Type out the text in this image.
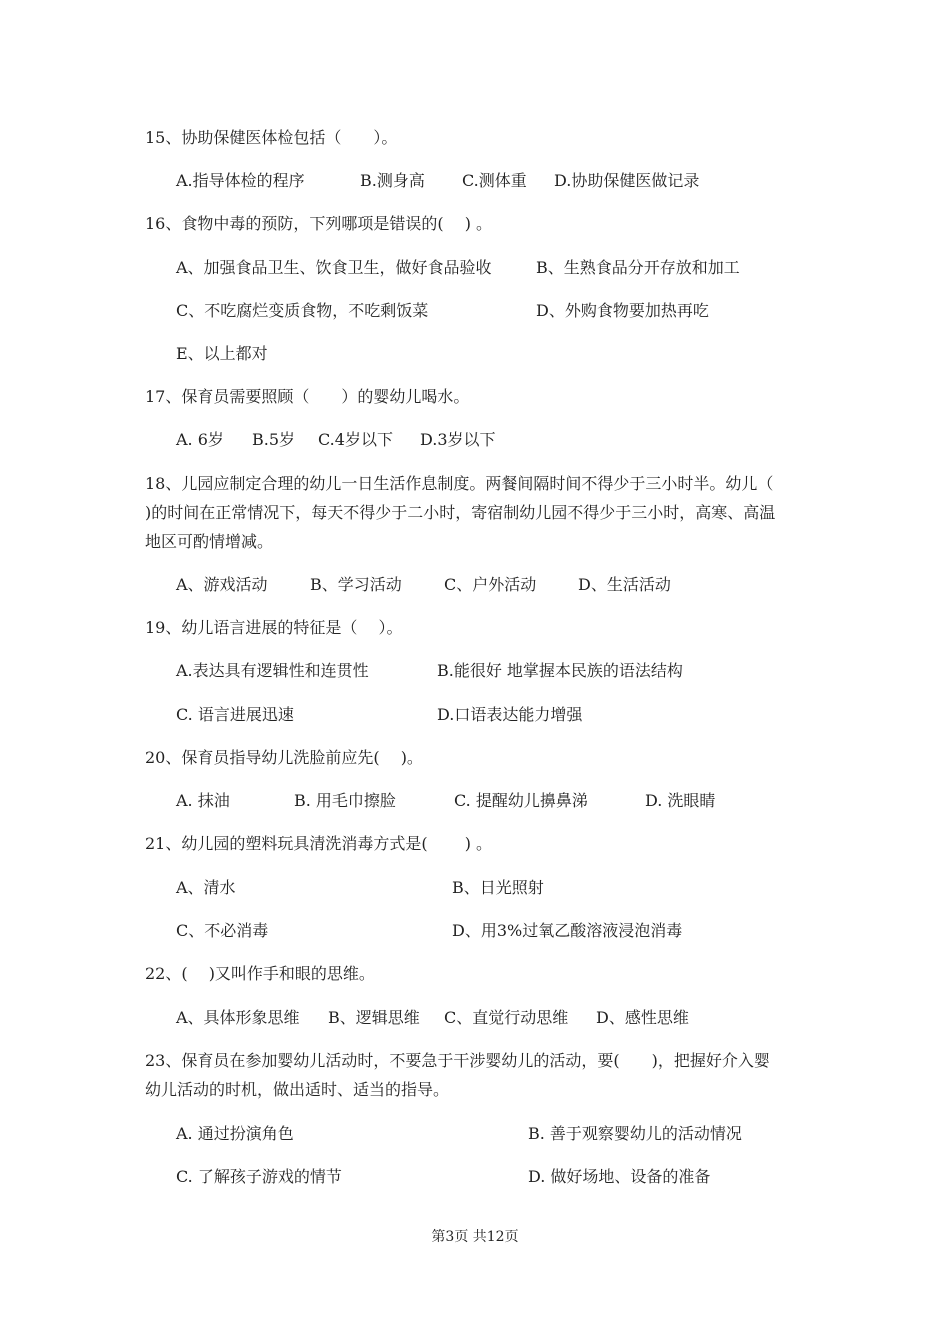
15、协助保健医体检包括（　　）。
A.指导体检的程序	B.测身高 C.测体重 D.协助保健医做记录
16、食物中毒的预防，下列哪项是错误的(　 ) 。
A、加强食品卫生、饮食卫生，做好食品验收	B、生熟食品分开存放和加工
C、不吃腐烂变质食物，不吃剩饭菜	D、外购食物要加热再吃
E、以上都对
17、保育员需要照顾（　　）的婴幼儿喝水。
A. 6岁 B.5岁 C.4岁以下 D.3岁以下
18、儿园应制定合理的幼儿一日生活作息制度。两餐间隔时间不得少于三小时半。幼儿（
)的时间在正常情况下，每天不得少于二小时，寄宿制幼儿园不得少于三小时，高寒、高温
地区可酌情增减。
A、游戏活动	B、学习活动	C、户外活动	D、生活活动
19、幼儿语言进展的特征是（　 ）。
A.表达具有逻辑性和连贯性	B.能很好 地掌握本民族的语法结构
C. 语言进展迅速	D.口语表达能力增强
20、保育员指导幼儿洗脸前应先(　 )。
A. 抹油	B. 用毛巾擦脸	C. 提醒幼儿擤鼻涕	D. 洗眼睛
21、幼儿园的塑料玩具清洗消毒方式是(　　 ) 。
A、清水	B、日光照射
C、不必消毒	D、用3%过氧乙酸溶液浸泡消毒
22、(　 )又叫作手和眼的思维。
A、具体形象思维 B、逻辑思维 C、直觉行动思维 D、感性思维
23、保育员在参加婴幼儿活动时，不要急于干涉婴幼儿的活动，要(　　)，把握好介入婴
幼儿活动的时机，做出适时、适当的指导。
A. 通过扮演角色	B. 善于观察婴幼儿的活动情况
C. 了解孩子游戏的情节	D. 做好场地、设备的准备
第3页 共12页
